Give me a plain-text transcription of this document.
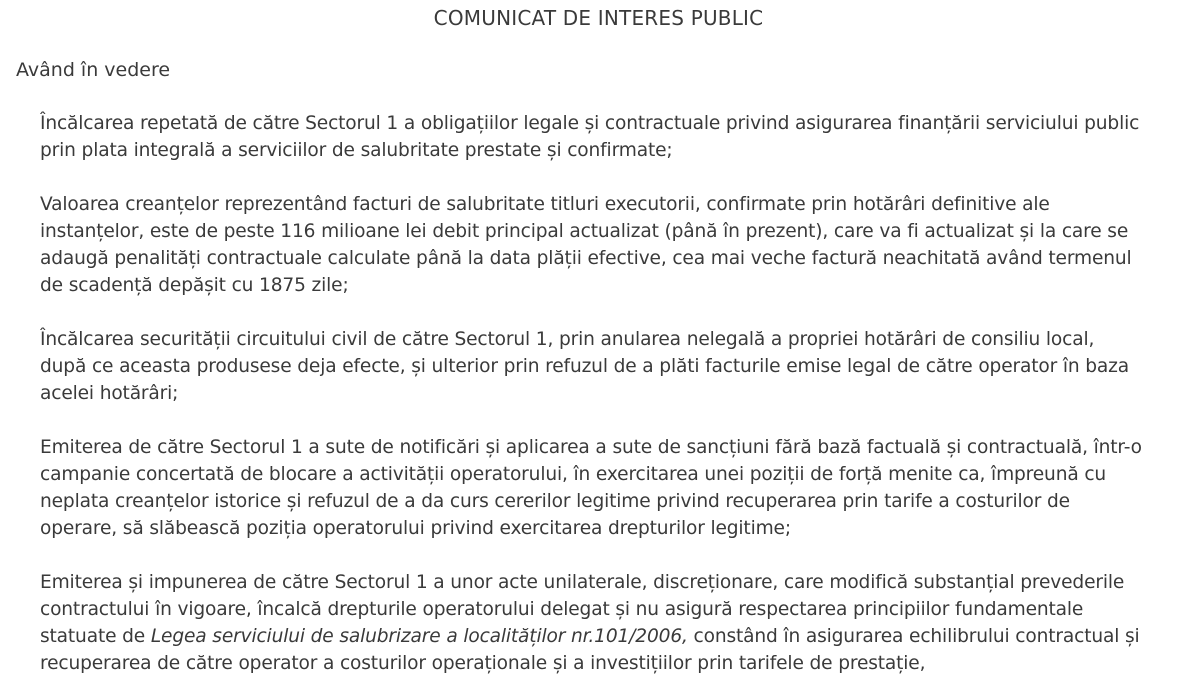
COMUNICAT DE INTERES PUBLIC
Având în vedere
Încălcarea repetată de către Sectorul 1 a obligațiilor legale și contractuale privind asigurarea finanțării serviciului public
prin plata integrală a serviciilor de salubritate prestate și confirmate;
Valoarea creanțelor reprezentând facturi de salubritate titluri executorii, confirmate prin hotărâri definitive ale
instanțelor, este de peste 116 milioane lei debit principal actualizat (până în prezent), care va fi actualizat și la care se
adaugă penalități contractuale calculate până la data plății efective, cea mai veche factură neachitată având termenul
de scadență depășit cu 1875 zile;
Încălcarea securității circuitului civil de către Sectorul 1, prin anularea nelegală a propriei hotărâri de consiliu local,
după ce aceasta produsese deja efecte, și ulterior prin refuzul de a plăti facturile emise legal de către operator în baza
acelei hotărâri;
Emiterea de către Sectorul 1 a sute de notificări și aplicarea a sute de sancțiuni fără bază factuală și contractuală, într-o
campanie concertată de blocare a activității operatorului, în exercitarea unei poziții de forță menite ca, împreună cu
neplata creanțelor istorice și refuzul de a da curs cererilor legitime privind recuperarea prin tarife a costurilor de
operare, să slăbească poziția operatorului privind exercitarea drepturilor legitime;
Emiterea și impunerea de către Sectorul 1 a unor acte unilaterale, discreționare, care modifică substanțial prevederile
contractului în vigoare, încalcă drepturile operatorului delegat și nu asigură respectarea principiilor fundamentale
statuate de Legea serviciului de salubrizare a localităților nr.101/2006, constând în asigurarea echilibrului contractual și
recuperarea de către operator a costurilor operaționale și a investițiilor prin tarifele de prestație,
